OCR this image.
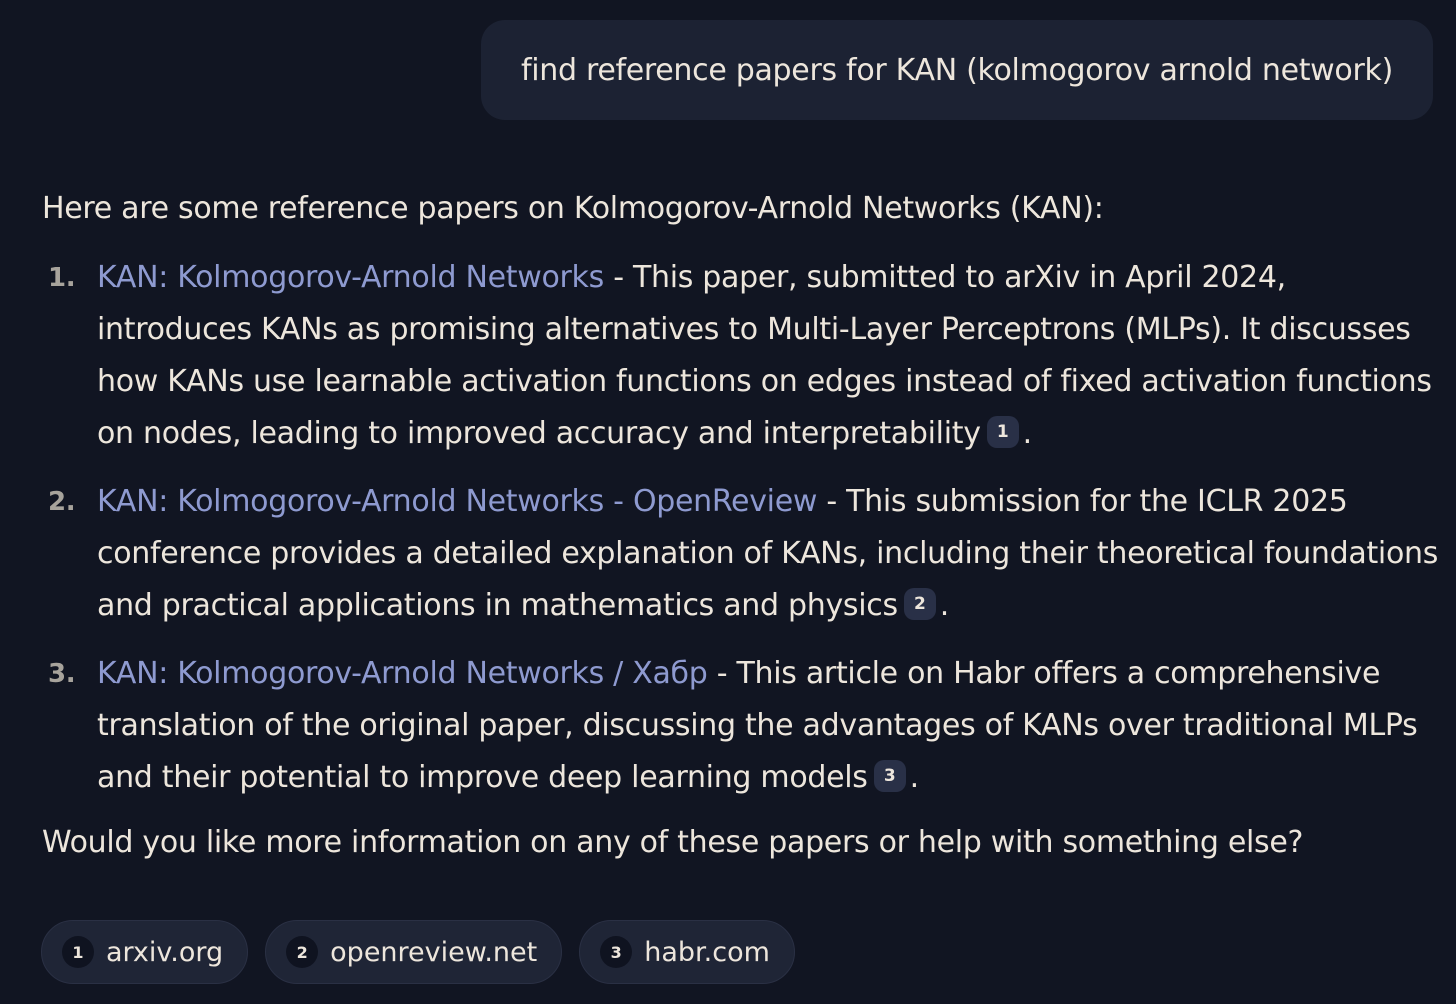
find reference papers for KAN (kolmogorov arnold network)

Here are some reference papers on Kolmogorov-Arnold Networks (KAN):

1. KAN: Kolmogorov-Arnold Networks - This paper, submitted to arXiv in April 2024, introduces KANs as promising alternatives to Multi-Layer Perceptrons (MLPs). It discusses how KANs use learnable activation functions on edges instead of fixed activation functions on nodes, leading to improved accuracy and interpretability 1 .
2. KAN: Kolmogorov-Arnold Networks - OpenReview - This submission for the ICLR 2025 conference provides a detailed explanation of KANs, including their theoretical foundations and practical applications in mathematics and physics 2 .
3. KAN: Kolmogorov-Arnold Networks / Хабр - This article on Habr offers a comprehensive translation of the original paper, discussing the advantages of KANs over traditional MLPs and their potential to improve deep learning models 3 .

Would you like more information on any of these papers or help with something else?

1 arxiv.org	2 openreview.net	3 habr.com
